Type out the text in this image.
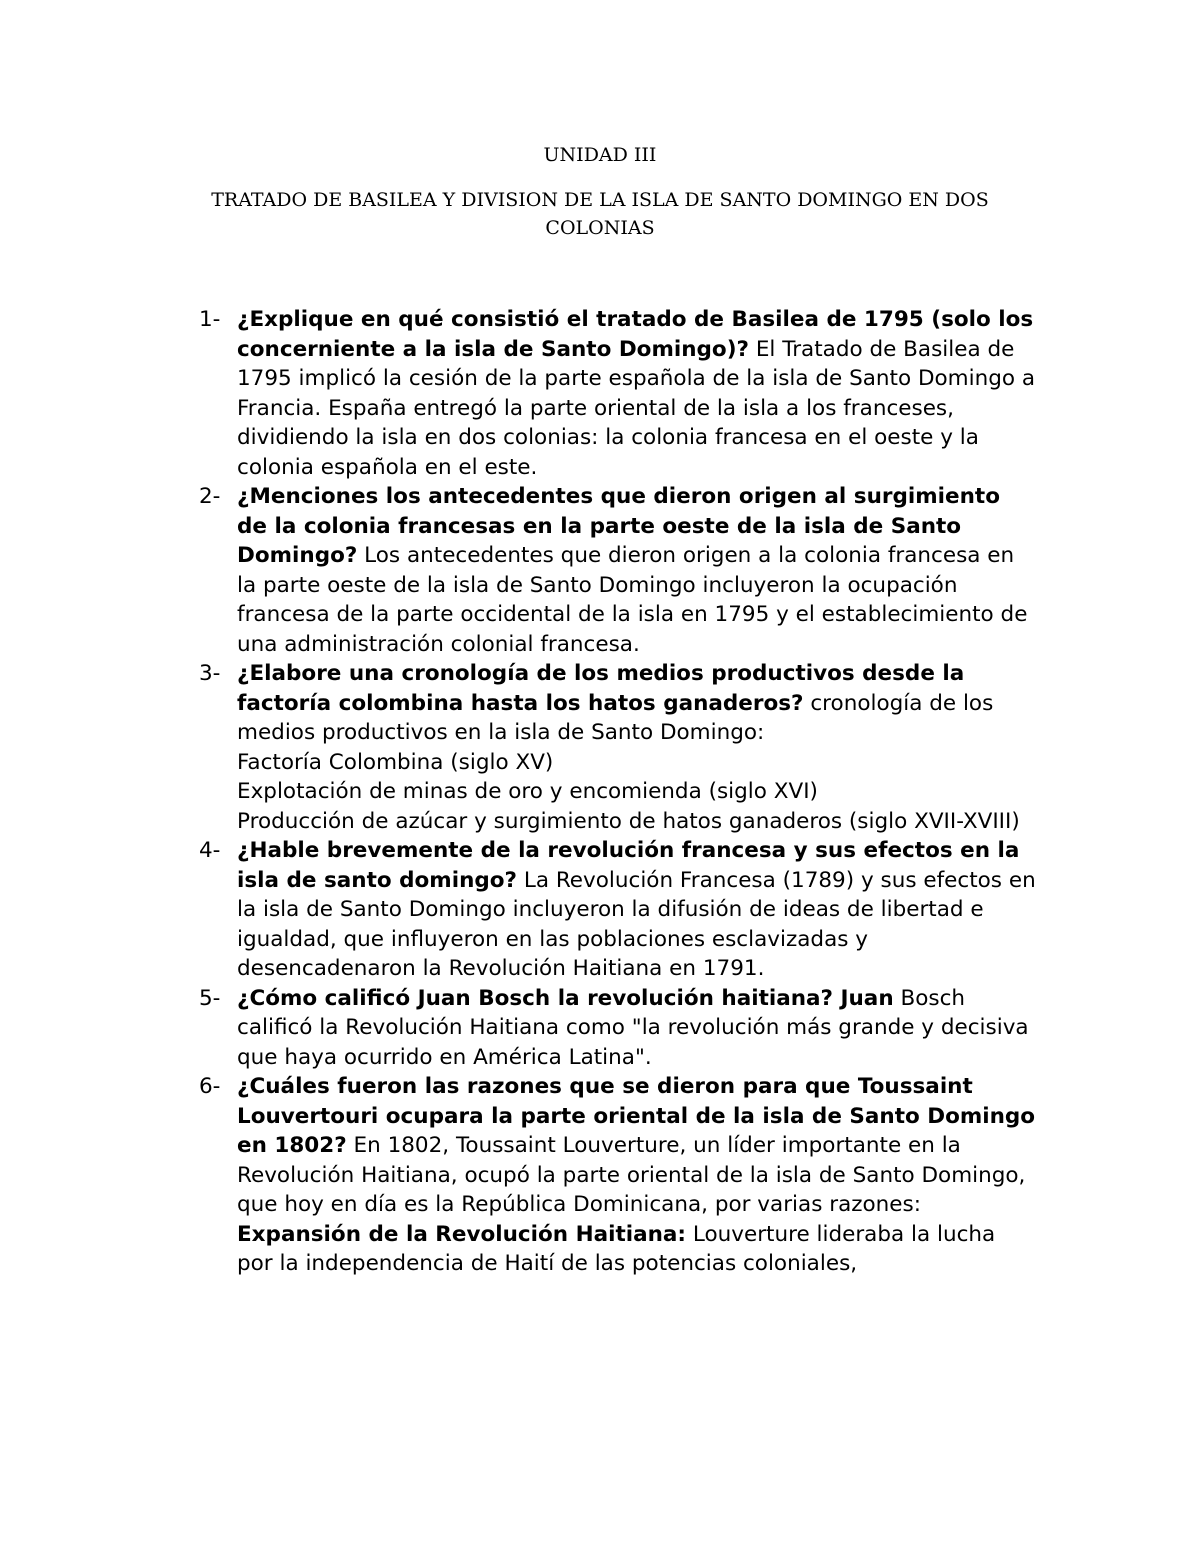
UNIDAD III
TRATADO DE BASILEA Y DIVISION DE LA ISLA DE SANTO DOMINGO EN DOS COLONIAS
1- ¿Explique en qué consistió el tratado de Basilea de 1795 (solo los concerniente a la isla de Santo Domingo)? El Tratado de Basilea de 1795 implicó la cesión de la parte española de la isla de Santo Domingo a Francia. España entregó la parte oriental de la isla a los franceses, dividiendo la isla en dos colonias: la colonia francesa en el oeste y la colonia española en el este.
2- ¿Menciones los antecedentes que dieron origen al surgimiento de la colonia francesas en la parte oeste de la isla de Santo Domingo? Los antecedentes que dieron origen a la colonia francesa en la parte oeste de la isla de Santo Domingo incluyeron la ocupación francesa de la parte occidental de la isla en 1795 y el establecimiento de una administración colonial francesa.
3- ¿Elabore una cronología de los medios productivos desde la factoría colombina hasta los hatos ganaderos? cronología de los medios productivos en la isla de Santo Domingo:
Factoría Colombina (siglo XV)
Explotación de minas de oro y encomienda (siglo XVI)
Producción de azúcar y surgimiento de hatos ganaderos (siglo XVII-XVIII)
4- ¿Hable brevemente de la revolución francesa y sus efectos en la isla de santo domingo? La Revolución Francesa (1789) y sus efectos en la isla de Santo Domingo incluyeron la difusión de ideas de libertad e igualdad, que influyeron en las poblaciones esclavizadas y desencadenaron la Revolución Haitiana en 1791.
5- ¿Cómo calificó Juan Bosch la revolución haitiana? Juan Bosch calificó la Revolución Haitiana como "la revolución más grande y decisiva que haya ocurrido en América Latina".
6- ¿Cuáles fueron las razones que se dieron para que Toussaint Louvertouri ocupara la parte oriental de la isla de Santo Domingo en 1802? En 1802, Toussaint Louverture, un líder importante en la Revolución Haitiana, ocupó la parte oriental de la isla de Santo Domingo, que hoy en día es la República Dominicana, por varias razones:
Expansión de la Revolución Haitiana: Louverture lideraba la lucha por la independencia de Haití de las potencias coloniales,
